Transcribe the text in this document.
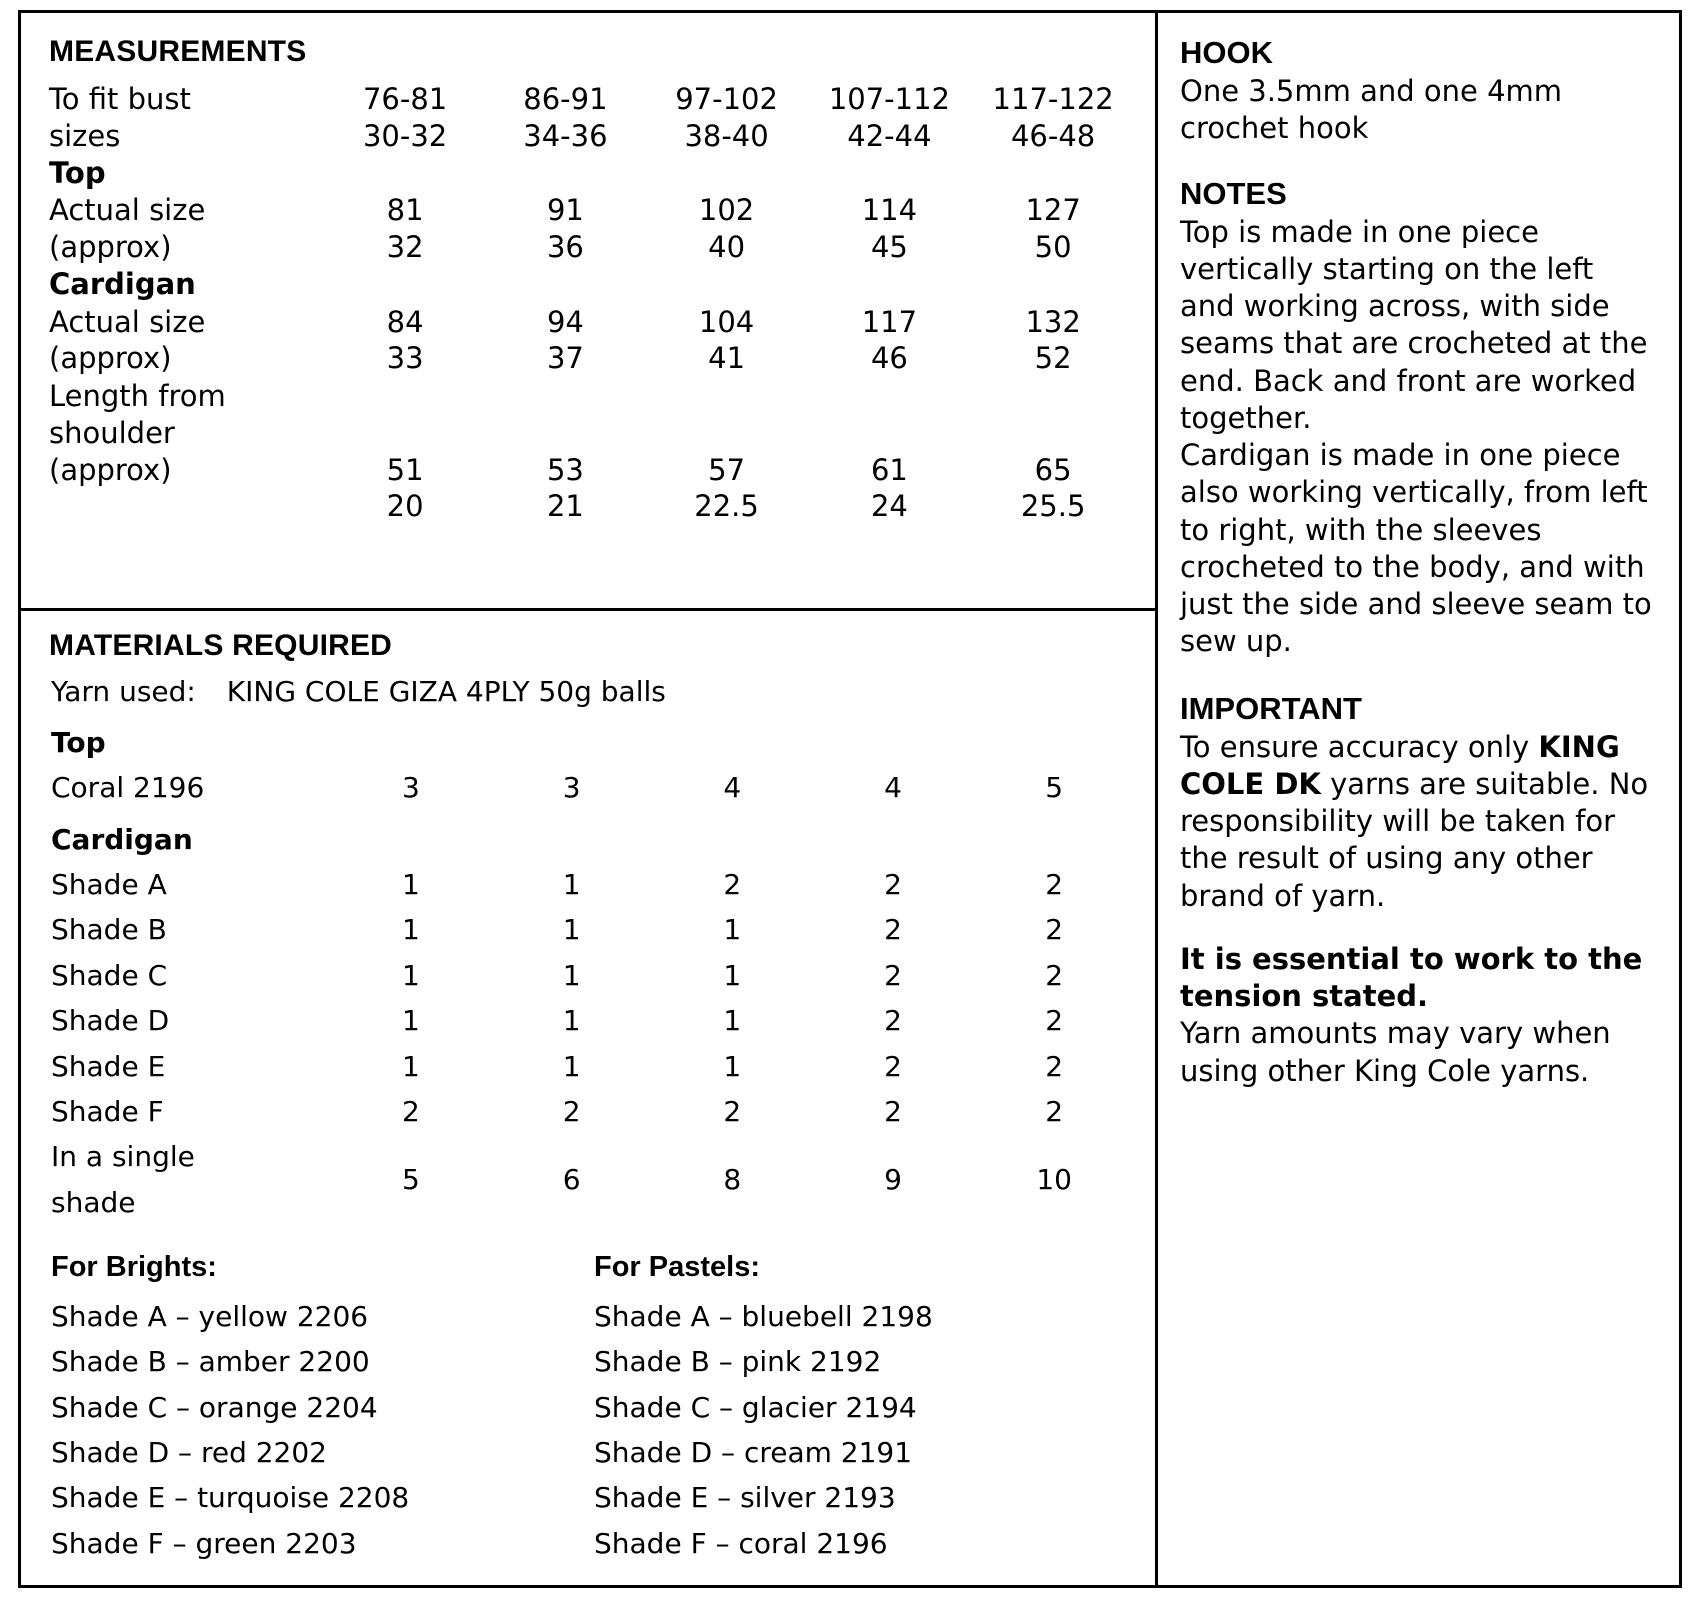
MEASUREMENTS
To fit bust	76-81	86-91	97-102	107-112	117-122
sizes	30-32	34-36	38-40	42-44	46-48
Top					
Actual size	81	91	102	114	127
(approx)	32	36	40	45	50
Cardigan					
Actual size	84	94	104	117	132
(approx)	33	37	41	46	52
Length from					
shoulder					
(approx)	51	53	57	61	65
	20	21	22.5	24	25.5
MATERIALS REQUIRED
Yarn used: KING COLE GIZA 4PLY 50g balls
Top					
Coral 2196	3	3	4	4	5
Cardigan					
Shade A	1	1	2	2	2
Shade B	1	1	1	2	2
Shade C	1	1	1	2	2
Shade D	1	1	1	2	2
Shade E	1	1	1	2	2
Shade F	2	2	2	2	2
In a single
shade	5	6	8	9	10
For Brights:
Shade A – yellow 2206
Shade B – amber 2200
Shade C – orange 2204
Shade D – red 2202
Shade E – turquoise 2208
Shade F – green 2203
For Pastels:
Shade A – bluebell 2198
Shade B – pink 2192
Shade C – glacier 2194
Shade D – cream 2191
Shade E – silver 2193
Shade F – coral 2196
HOOK

One 3.5mm and one 4mm crochet hook

NOTES

Top is made in one piece vertically starting on the left and working across, with side seams that are crocheted at the end. Back and front are worked together.

Cardigan is made in one piece also working vertically, from left to right, with the sleeves crocheted to the body, and with just the side and sleeve seam to sew up.

IMPORTANT

To ensure accuracy only KING COLE DK yarns are suitable. No responsibility will be taken for the result of using any other brand of yarn.

It is essential to work to the tension stated.

Yarn amounts may vary when using other King Cole yarns.
